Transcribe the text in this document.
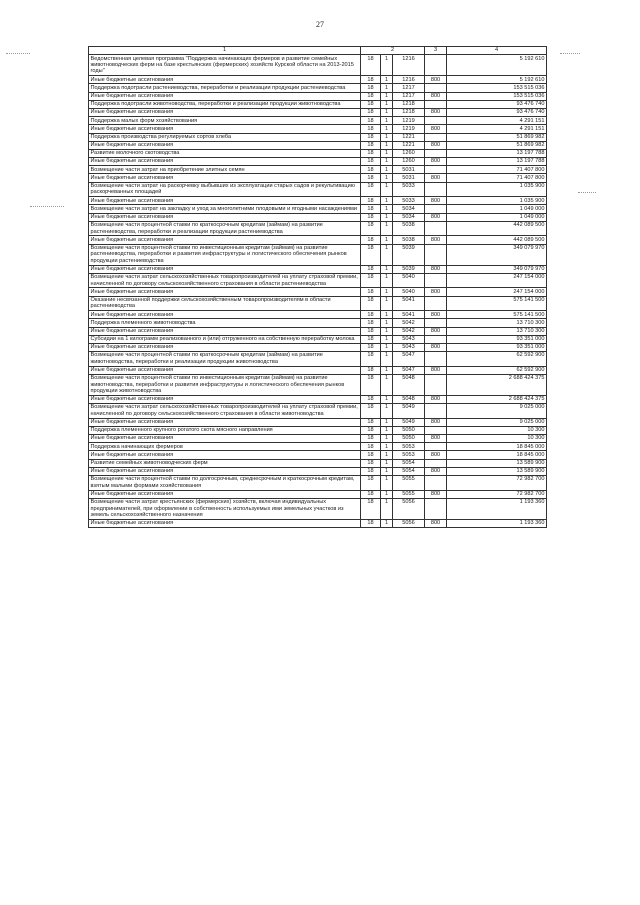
27
1	2			3	4
Ведомственная целевая программа "Поддержка начинающих фермеров и развитие семейных животноводческих ферм на базе крестьянских (фермерских) хозяйств Курской области на 2013-2015 годы"	18	1	1216		5 192 610
Иные бюджетные ассигнования	18	1	1216	800	5 192 610
Поддержка подотрасли растениеводства, переработки и реализации продукции растениеводства	18	1	1217		153 515 036
Иные бюджетные ассигнования	18	1	1217	800	153 515 036
Поддержка подотрасли животноводства, переработки и реализации продукции животноводства	18	1	1218		93 476 740
Иные бюджетные ассигнования	18	1	1218	800	93 476 740
Поддержка малых форм хозяйствования	18	1	1219		4 291 151
Иные бюджетные ассигнования	18	1	1219	800	4 291 151
Поддержка производства регулируемых сортов хлеба	18	1	1221		51 869 982
Иные бюджетные ассигнования	18	1	1221	800	51 869 982
Развитие молочного скотоводства	18	1	1260		13 197 788
Иные бюджетные ассигнования	18	1	1260	800	13 197 788
Возмещение части затрат на приобретение элитных семян	18	1	5031		71 407 800
Иные бюджетные ассигнования	18	1	5031	800	71 407 800
Возмещение части затрат на раскорчевку выбывших из эксплуатации старых садов и рекультивацию раскорчеванных площадей	18	1	5033		1 035 900
Иные бюджетные ассигнования	18	1	5033	800	1 035 900
Возмещение части затрат на закладку и уход за многолетними плодовыми и ягодными насаждениями	18	1	5034		1 049 000
Иные бюджетные ассигнования	18	1	5034	800	1 049 000
Возмещение части процентной ставки по краткосрочным кредитам (займам) на развитие растениеводства, переработки и реализации продукции растениеводства	18	1	5038		442 089 500
Иные бюджетные ассигнования	18	1	5038	800	442 089 500
Возмещение части процентной ставки по инвестиционным кредитам (займам) на развитие растениеводства, переработки и развития инфраструктуры и логистического обеспечения рынков продукции растениеводства	18	1	5039		349 079 970
Иные бюджетные ассигнования	18	1	5039	800	349 079 970
Возмещение части затрат сельскохозяйственных товаропроизводителей на уплату страховой премии, начисленной по договору сельскохозяйственного страхования в области растениеводства	18	1	5040		247 154 000
Иные бюджетные ассигнования	18	1	5040	800	247 154 000
Оказание несвязанной поддержки сельскохозяйственным товаропроизводителям в области растениеводства	18	1	5041		575 141 500
Иные бюджетные ассигнования	18	1	5041	800	575 141 500
Поддержка племенного животноводства	18	1	5042		13 710 300
Иные бюджетные ассигнования	18	1	5042	800	13 710 300
Субсидии на 1 килограмм реализованного и (или) отгруженного на собственную переработку молока	18	1	5043		93 351 000
Иные бюджетные ассигнования	18	1	5043	800	93 351 000
Возмещение части процентной ставки по краткосрочным кредитам (займам) на развитие животноводства, переработки и реализации продукции животноводства	18	1	5047		62 592 900
Иные бюджетные ассигнования	18	1	5047	800	62 592 900
Возмещение части процентной ставки по инвестиционным кредитам (займам) на развитие животноводства, переработки и развития инфраструктуры и логистического обеспечения рынков продукции животноводства	18	1	5048		2 688 424 375
Иные бюджетные ассигнования	18	1	5048	800	2 688 424 375
Возмещение части затрат сельскохозяйственных товаропроизводителей на уплату страховой премии, начисленной по договору сельскохозяйственного страхования в области животноводства	18	1	5049		9 025 000
Иные бюджетные ассигнования	18	1	5049	800	9 025 000
Поддержка племенного крупного рогатого скота мясного направления	18	1	5050		10 300
Иные бюджетные ассигнования	18	1	5050	800	10 300
Поддержка начинающих фермеров	18	1	5053		18 845 000
Иные бюджетные ассигнования	18	1	5053	800	18 845 000
Развитие семейных животноводческих ферм	18	1	5054		13 589 900
Иные бюджетные ассигнования	18	1	5054	800	13 589 900
Возмещение части процентной ставки по долгосрочным, среднесрочным и краткосрочным кредитам, взятым малыми формами хозяйствования	18	1	5055		72 982 700
Иные бюджетные ассигнования	18	1	5055	800	72 982 700
Возмещение части затрат крестьянских (фермерских) хозяйств, включая индивидуальных предпринимателей, при оформлении в собственность используемых ими земельных участков из земель сельскохозяйственного назначения	18	1	5056		1 193 360
Иные бюджетные ассигнования	18	1	5056	800	1 193 360
